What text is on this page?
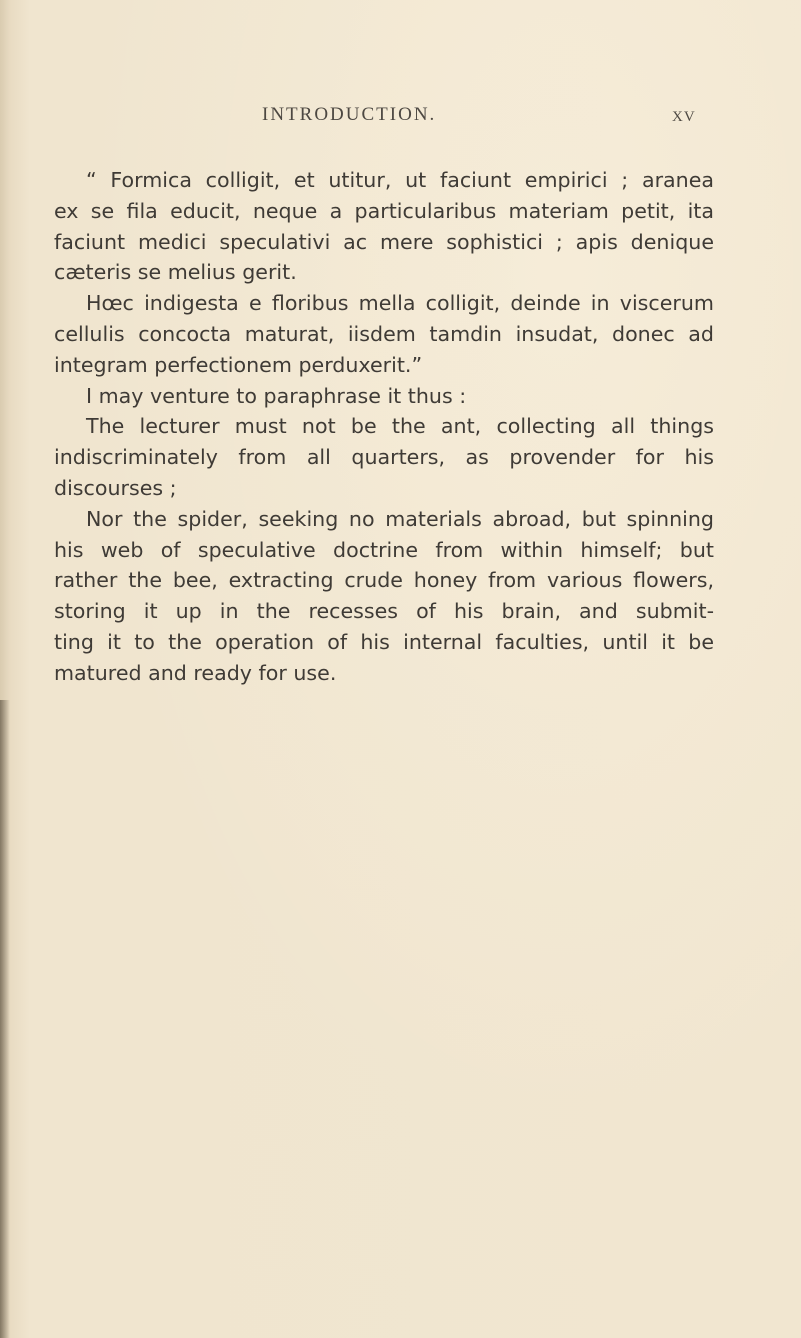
INTRODUCTION.	XV
“ Formica colligit, et utitur, ut faciunt empirici ; aranea
ex se fila educit, neque a particularibus materiam petit, ita
faciunt medici speculativi ac mere sophistici ; apis denique
cæteris se melius gerit.
Hœc indigesta e floribus mella colligit, deinde in viscerum
cellulis concocta maturat, iisdem tamdin insudat, donec ad
integram perfectionem perduxerit.”
I may venture to paraphrase it thus :
The lecturer must not be the ant, collecting all things
indiscriminately from all quarters, as provender for his
discourses ;
Nor the spider, seeking no materials abroad, but spinning
his web of speculative doctrine from within himself; but
rather the bee, extracting crude honey from various flowers,
storing it up in the recesses of his brain, and submit-
ting it to the operation of his internal faculties, until it be
matured and ready for use.
